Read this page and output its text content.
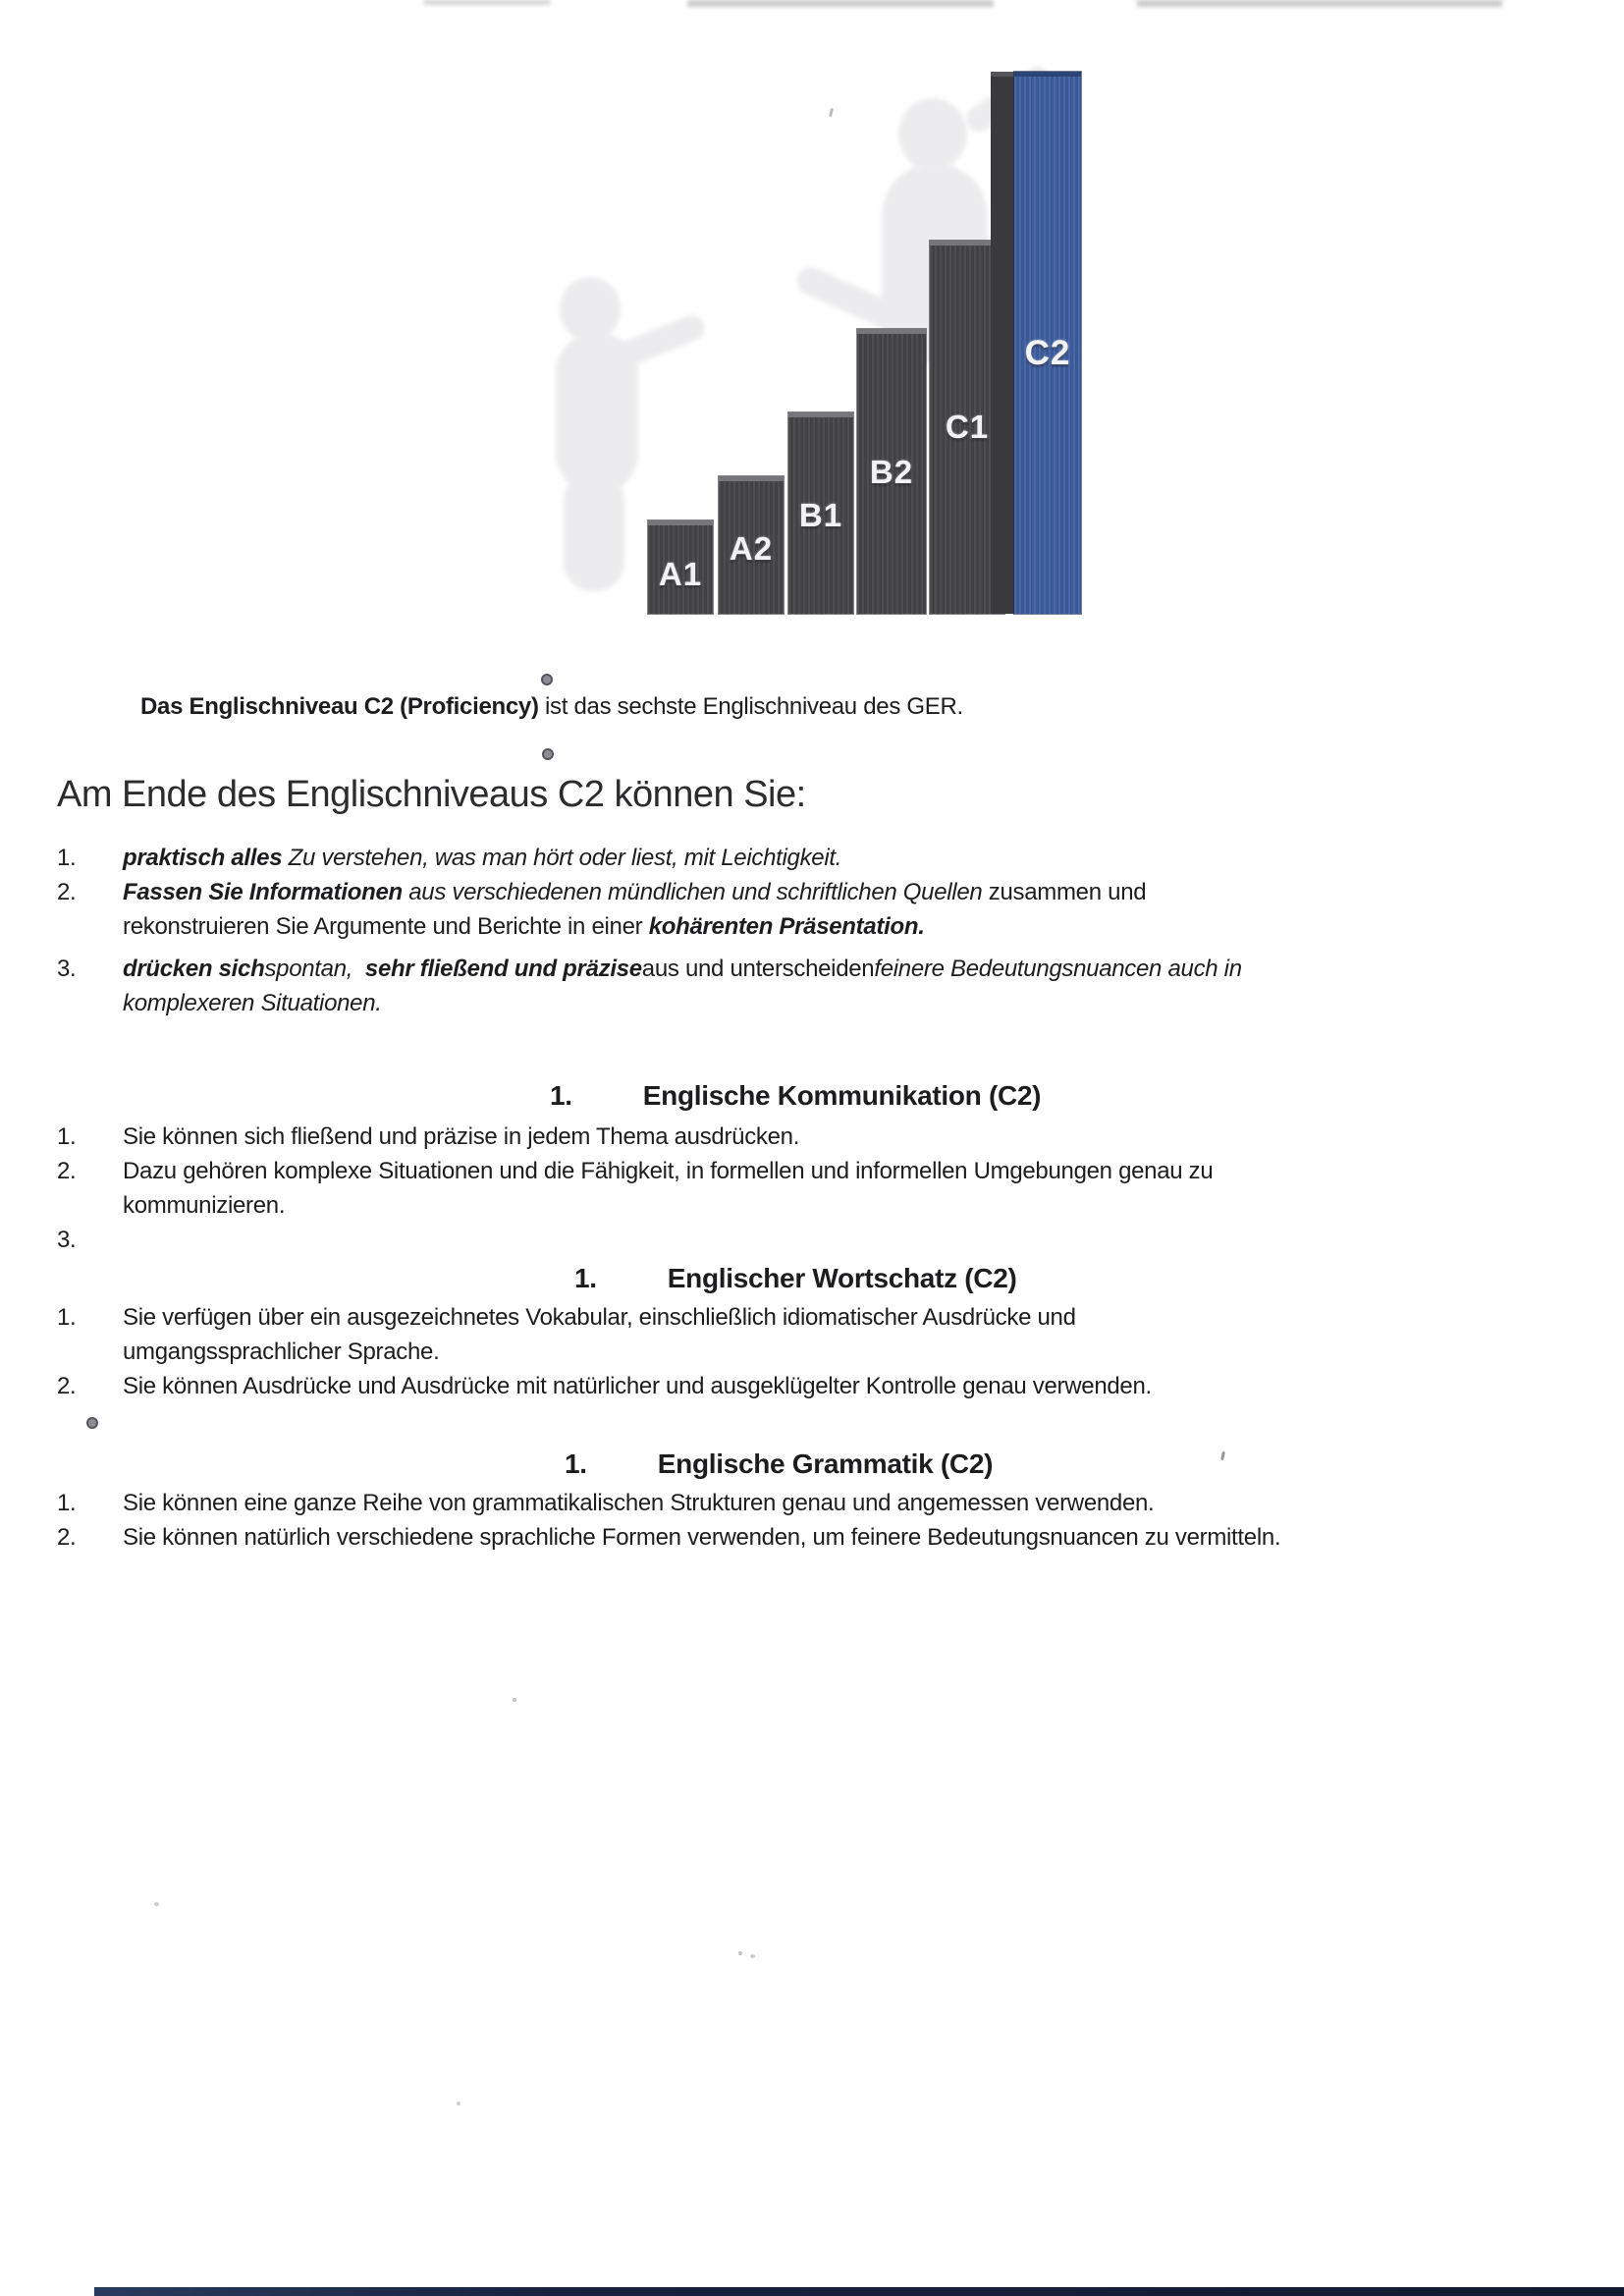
A1
A2
B1
B2
C1
C2

Das Englischniveau C2 (Proficiency) ist das sechste Englischniveau des GER.

Am Ende des Englischniveaus C2 können Sie:
1.	praktisch alles Zu verstehen, was man hört oder liest, mit Leichtigkeit.
2.	Fassen Sie Informationen aus verschiedenen mündlichen und schriftlichen Quellen zusammen und
rekonstruieren Sie Argumente und Berichte in einer kohärenten Präsentation.
3.	drücken sichspontan,  sehr fließend und präziseaus und unterscheidenfeinere Bedeutungsnuancen auch in
komplexeren Situationen.
1.	Englische Kommunikation (C2)
1.	Sie können sich fließend und präzise in jedem Thema ausdrücken.
2.	Dazu gehören komplexe Situationen und die Fähigkeit, in formellen und informellen Umgebungen genau zu
kommunizieren.
3.
1.	Englischer Wortschatz (C2)
1.	Sie verfügen über ein ausgezeichnetes Vokabular, einschließlich idiomatischer Ausdrücke und
umgangssprachlicher Sprache.
2.	Sie können Ausdrücke und Ausdrücke mit natürlicher und ausgeklügelter Kontrolle genau verwenden.
1.	Englische Grammatik (C2)
1.	Sie können eine ganze Reihe von grammatikalischen Strukturen genau und angemessen verwenden.
2.	Sie können natürlich verschiedene sprachliche Formen verwenden, um feinere Bedeutungsnuancen zu vermitteln.
